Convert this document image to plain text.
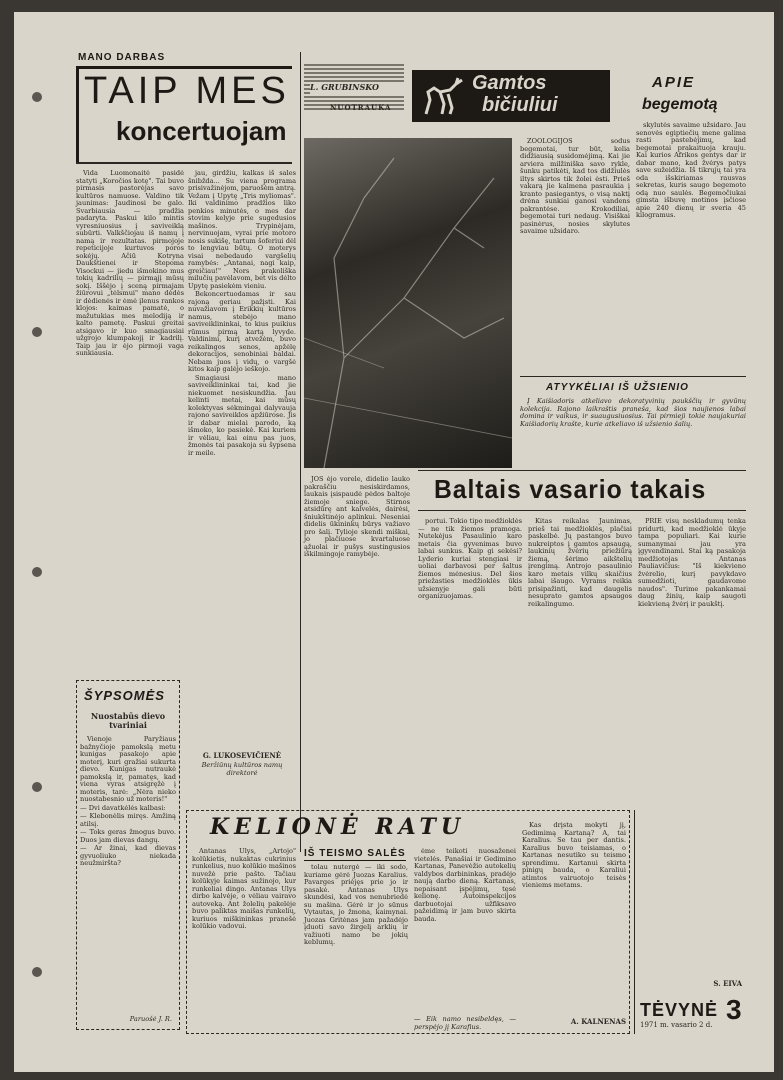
MANO DARBAS
TAIP MES
koncertuojam

Vida Luomonaitė pasidė statyti „Koročios kotę". Tai buvo pirmasis pastorėjas savo kultūros namuose. Valdino tik jaunimas: Jaudinosi be galo. Svarbiausia — pradžia padaryta. Paskui kilo mintis vyresniuosius į saviveiklą subūrti. Valkščiojau iš namų į namą ir rezultatas. pirmojoje repeticijoje kurtuvos poros sokėjų. Ačiū Kotryna Daukštienei ir Stepoma Visockui — jiedu išmokino mus tokių kadrilių — pirmąjį mūsų sokį. Iššėjo į sceną pirmajam žiūrovui „tėlsmui" mano dėdės ir dėdienės ir ėmė įlenus rankos klojos: kaimas pamatė, o mažutukias mes melodiją ir kalto pametę. Paskui greitai atsigavo ir kuo smagiausiai užgrojo klumpakojį ir kadrilį. Taip jau ir ėjo pirmoji vaga sunkiausia.

jau, girdžiu, kalkas iš sales šnibžda... Su viena programa prisivažinėjom, paruošėm antrą. Vežam į Upytę „Tris myliomas". Iki valdinimo pradžios liko penkios minutės, o mes dar stovim kelyje prie sugedusios mašinos. Trypinėjam, nervinuojam, vyrai prie motoro nosis sukišę, tartum šoferiui dėl to lengviau būtų. O moterys visai nebedaudo vargšelių ramybės: „Antanai, nagi kaip, greičiau!" Nors prakoliška milučių pavėlavom, bet vis dėlto Upytę pasiekėm vieniu.

Bekoncertuodamas ir sau rajoną geriau pažįsti. Kai nuvažiavom į Erikkių kultūros namus, stebėjo mano saviveiklininkai, to kius puikius rūmus pirmą kartą lyvyde. Valdinimi, kurį atvežėm, buvo reikalingos senos, apžėlę dekoracijos, senobiniai baldai. Nebam juos į vidų, o vargšė kitos kaip galėjo ieškojo.

Smagiausi mano saviveiklininkai tai, kad jie niekuomet nesiskundžia. Jau kelinti metai, kai mūsų kolektyvas sėkmingai dalyvauja rajono saviveiklos apžiūrose. Jis ir dabar mielai parodo, ką išmoko, ko pasiekė. Kai kuriem ir vėliau, kai einu pas juos, žmonės tai pasakoja su šypsena ir meile.

G. LUKOSEVIČIENĖ
Beržiūnų kultūros namų direktorė
ŠYPSOMĖS
Nuostabūs dievo tvariniai

Vienoje Paryžiaus bažnyčioje pamokslą metu kunigas pasakojo apie moterį, kuri gražiai sukurta dievo. Kunigas nutraukė pamokslą ir, pamatęs, kad viena vyras atsigręžė į moteris, tarė: „Nėra nieko nuostabesnio už moteris!"

— Dvi davatkėlės kalbasi:

— Klebonėlis miręs. Amžiną atilsį.

— Toks geras žmogus buvo. Duos jam dievas dangų.

— Ar žinai, kad dievas gyvuoliuko niekada neužmiršta?

Paruošė J. R.
L. GRUBINSKO
NUOTRAUKA
Gamtos
bičiuliui
APIE
begemotą

ZOOLOGIJOS sodus begemotai, tur būt, kelia didžiausią susidomėjimą. Kai jie arviera milžiniška savo rykle, šunku patikėti, kad tos didžiulės iltys skirtos tik žolei ėsti. Prieš vakarą jie kalmena pasraukia į kranto pasiegantys, o visą naktį drėna sunkiai ganosi vandens pakrantėse. Krokodiliai, begemotai turi nedaug. Visiškai pasinėrus, nosies skylutes savaime užsidaro.

skylutės savaime užsidaro. Jau senovės egiptiečių mene galima rasti pastebėjimų, kad begemotai prakaituoja krauju. Kai kurios Afrikos gentys dar ir dabar mano, kad žvėrys patys save sužeidžia. Iš tikrųjų tai yra oda išskiriamas rausvas sekretas, kuris saugo begemoto odą nuo saulės. Begemočiukai gimsta išbuvę motinos įsčiose apie 240 dienų ir sveria 45 kilogramus.

ATYYKĖLIAI IŠ UŽSIENIO

Į Kaišiadoris atkeliavo dekoratyvinių paukščių ir gyvūnų kolekcija. Rajono laikraštis praneša, kad šios naujienos labai domina ir vaikus, ir suaugusiuosius. Tai pirmieji tokie naujakuriai Kaišiadorių krašte, kurie atkeliavo iš užsienio šalių.

Baltais vasario takais

JOS ėjo vorele, didelio lauko pakraščiu nesiskirdamos, laukais įsispaudė pėdos baltoje žiemoje sniege. Stirnos atsidūrę ant kalvelės, dairėsi, šniukštinėjo aplinkui. Neseniai didelis ūkininkų būrys važiavo pro šalį. Tylioje skendi miškai, jo plačiuose kvartaluose ąžuolai ir pušys sustingusios iškilmingoje ramybėje.

portui. Tokio tipo medžioklės — ne tik žiemos pramoga. Nutekėjus Pasaulinio karo metais čia gyvenimas buvo labai sunkus. Kaip gi sekėsi? Lyderio kuriai stengiasi ir uoliai darbavosi per šaltus žiemos mėnesius. Del šios priežasties medžioklės ūkis užsienyje gali būti organizuojamas.

Kitas reikalas Jaunimas, prieš tai medžioklės, plačiai paskelbė. Jų pastangos buvo nukreiptos į gamtos apsaugą, laukinių žvėrių priežiūrą žiemą, šėrimo aikštelių įrengimą. Antrojo pasaulinio karo metais vilkų skaičius labai išaugo. Vyrams reikia prisipažinti, kad daugelis nesuprato gamtos apsaugos reikalingumo.

PRIE visų neskladumų tenka pridurti, kad medžioklė ūkyje tampa populiari. Kai kurie sumanymai jau yra įgyvendinami. Stai ką pasakoja medžiotojas Antanas Pauliavičius: "Iš kiekvieno žvėrelio, kurį pavykdavo sumedžioti, gaudavome naudos". Turime pakankamai daug žinių, kaip saugoti kiekvieną žvėrį ir paukštį.

KELIONĖ RATU
IŠ TEISMO SALĖS

Antanas Ulys, „Artojo" kolūkietis, nukaktas cukrinius runkelius, nuo kolūkio mašinos nuvežė prie pašto. Tačiau kolūkyje kaimas sužinojo, kur runkeliai dingo. Antanas Ulys dirbo kalvėje, o vėliau vairavo autoveką. Ant žolelių pakelėje buvo paliktas maišas runkelių, kuriuos miškininkas pranešė kolūkio vadovui.

tolau nutergė — iki sodo, kuriame gėrė Juozas Karalius. Pavarges priėjęs prie jo ir pasakė. Antanas Ulys skundėsi, kad vos nenubriedė su mašina. Gėrė ir jo sūnus Vytautas, jo žmona, kaimynai. Juozas Gritėnas jam pažadėjo įduoti savo žirgelį arklių ir važiuoti namo be jokių keblumų.

ėme teikoti nuosaženei vietelės. Panašiai ir Gedimino Kartanas, Panevėžio autokelių valdybos darbininkas, pradėjo naują darbo dieną. Kartanas, nepaisant įspėjimų, tęsė kelionę. Autoinspekcijos darbuotojai užfiksavo pažeidimą ir jam buvo skirta bauda.

— Eik namo nesibeldęs, — perspėjo jį Karafius.

Kas drįsta mokyti jį, Gedimimą Kartaną? A, tai Karalius. Se tau per dantis. Karalius buvo teisiamas, o Kartanas nesutiko su teismo sprendimu. Kartanui skirta pinigų bauda, o Karaliui atimtos vairuotojo teisės vieniems metams.

A. KALNENAS
S. EIVA
TĖVYNĖ 3
1971 m. vasario 2 d.
